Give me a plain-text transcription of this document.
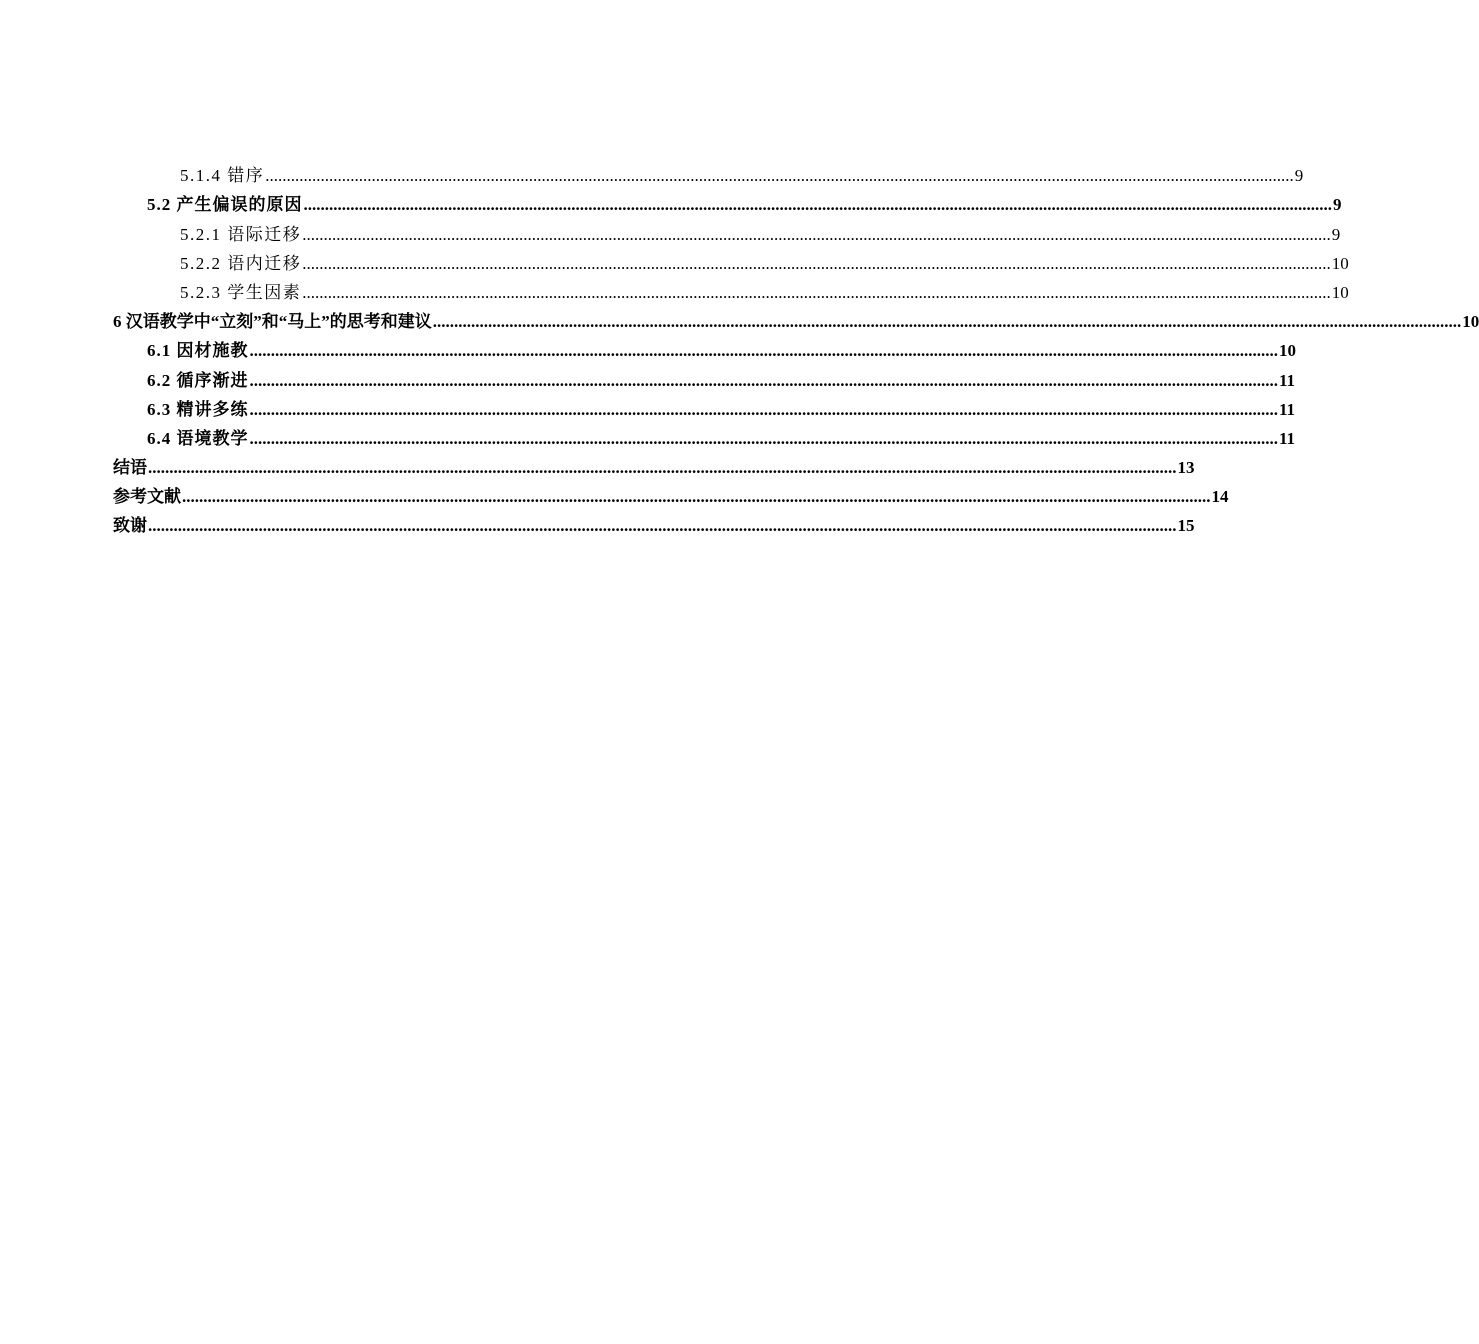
5.1.4 错序 .................................................................................................................................................................................................................................................. 9
5.2 产生偏误的原因 .................................................................................................................................................................................................................................................. 9
5.2.1 语际迁移 .................................................................................................................................................................................................................................................. 9
5.2.2 语内迁移 .................................................................................................................................................................................................................................................. 10
5.2.3 学生因素 .................................................................................................................................................................................................................................................. 10
6 汉语教学中“立刻”和“马上”的思考和建议 .................................................................................................................................................................................................................................................. 10
6.1 因材施教 .................................................................................................................................................................................................................................................. 10
6.2 循序渐进 .................................................................................................................................................................................................................................................. 11
6.3 精讲多练 .................................................................................................................................................................................................................................................. 11
6.4 语境教学 .................................................................................................................................................................................................................................................. 11
结语 .................................................................................................................................................................................................................................................. 13
参考文献 .................................................................................................................................................................................................................................................. 14
致谢 .................................................................................................................................................................................................................................................. 15
